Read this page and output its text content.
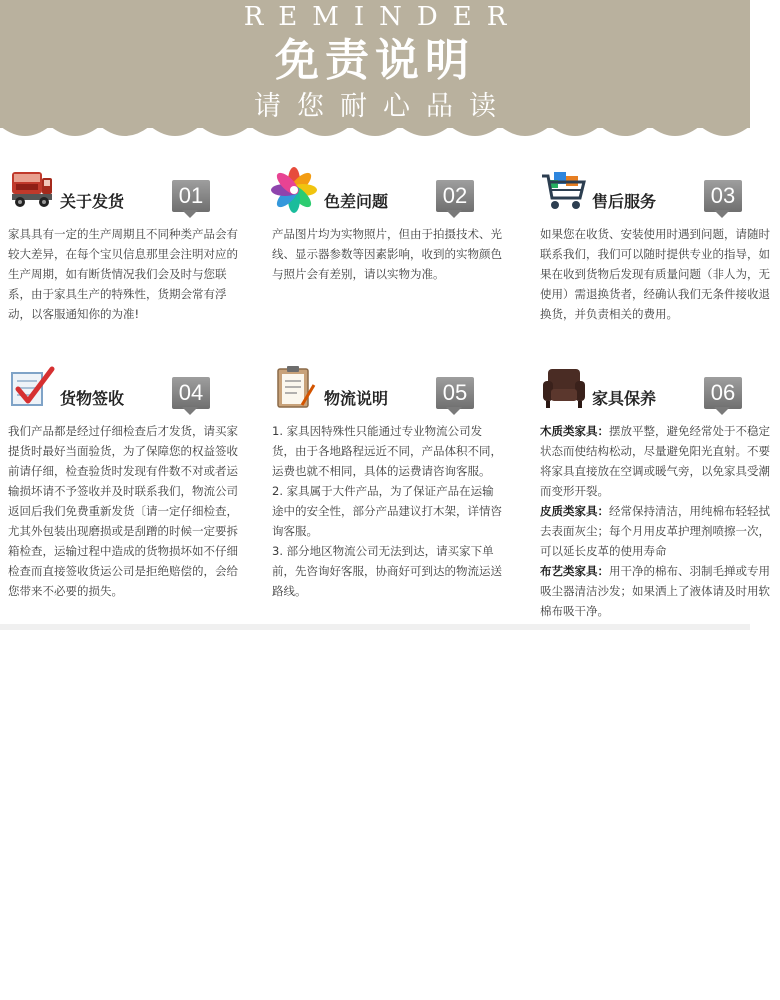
REMINDER
免责说明
请您耐心品读
关于发货	01

家具具有一定的生产周期且不同种类产品会有较大差异，在每个宝贝信息那里会注明对应的生产周期，如有断货情况我们会及时与您联系，由于家具生产的特殊性，货期会常有浮动，以客服通知你的为准!

色差问题	02

产品图片均为实物照片，但由于拍摄技术、光线、显示器参数等因素影响，收到的实物颜色与照片会有差别，请以实物为准。

售后服务	03

如果您在收货、安装使用时遇到问题，请随时联系我们，我们可以随时提供专业的指导，如果在收到货物后发现有质量问题（非人为，无使用）需退换货者，经确认我们无条件接收退换货，并负责相关的费用。

货物签收	04

我们产品都是经过仔细检查后才发货，请买家提货时最好当面验货，为了保障您的权益签收前请仔细，检查验货时发现有件数不对或者运输损坏请不予签收并及时联系我们，物流公司返回后我们免费重新发货〔请一定仔细检查，尤其外包装出现磨损或是刮蹭的时候一定要拆箱检查，运输过程中造成的货物损坏如不仔细检查而直接签收货运公司是拒绝赔偿的，会给您带来不必要的损失。

物流说明	05

1. 家具因特殊性只能通过专业物流公司发货，由于各地路程远近不同，产品体积不同，运费也就不相同，具体的运费请咨询客服。

2. 家具属于大件产品，为了保证产品在运输途中的安全性，部分产品建议打木架，详情咨询客服。

3. 部分地区物流公司无法到达，请买家下单前，先咨询好客服，协商好可到达的物流运送路线。

家具保养	06

木质类家具：摆放平整，避免经常处于不稳定状态而使结构松动，尽量避免阳光直射。不要将家具直接放在空调或暖气旁，以免家具受潮而变形开裂。

皮质类家具：经常保持清洁，用纯棉布轻轻拭去表面灰尘；每个月用皮革护理剂喷擦一次，可以延长皮革的使用寿命

布艺类家具：用干净的棉布、羽制毛掸或专用吸尘器清洁沙发；如果洒上了液体请及时用软棉布吸干净。
